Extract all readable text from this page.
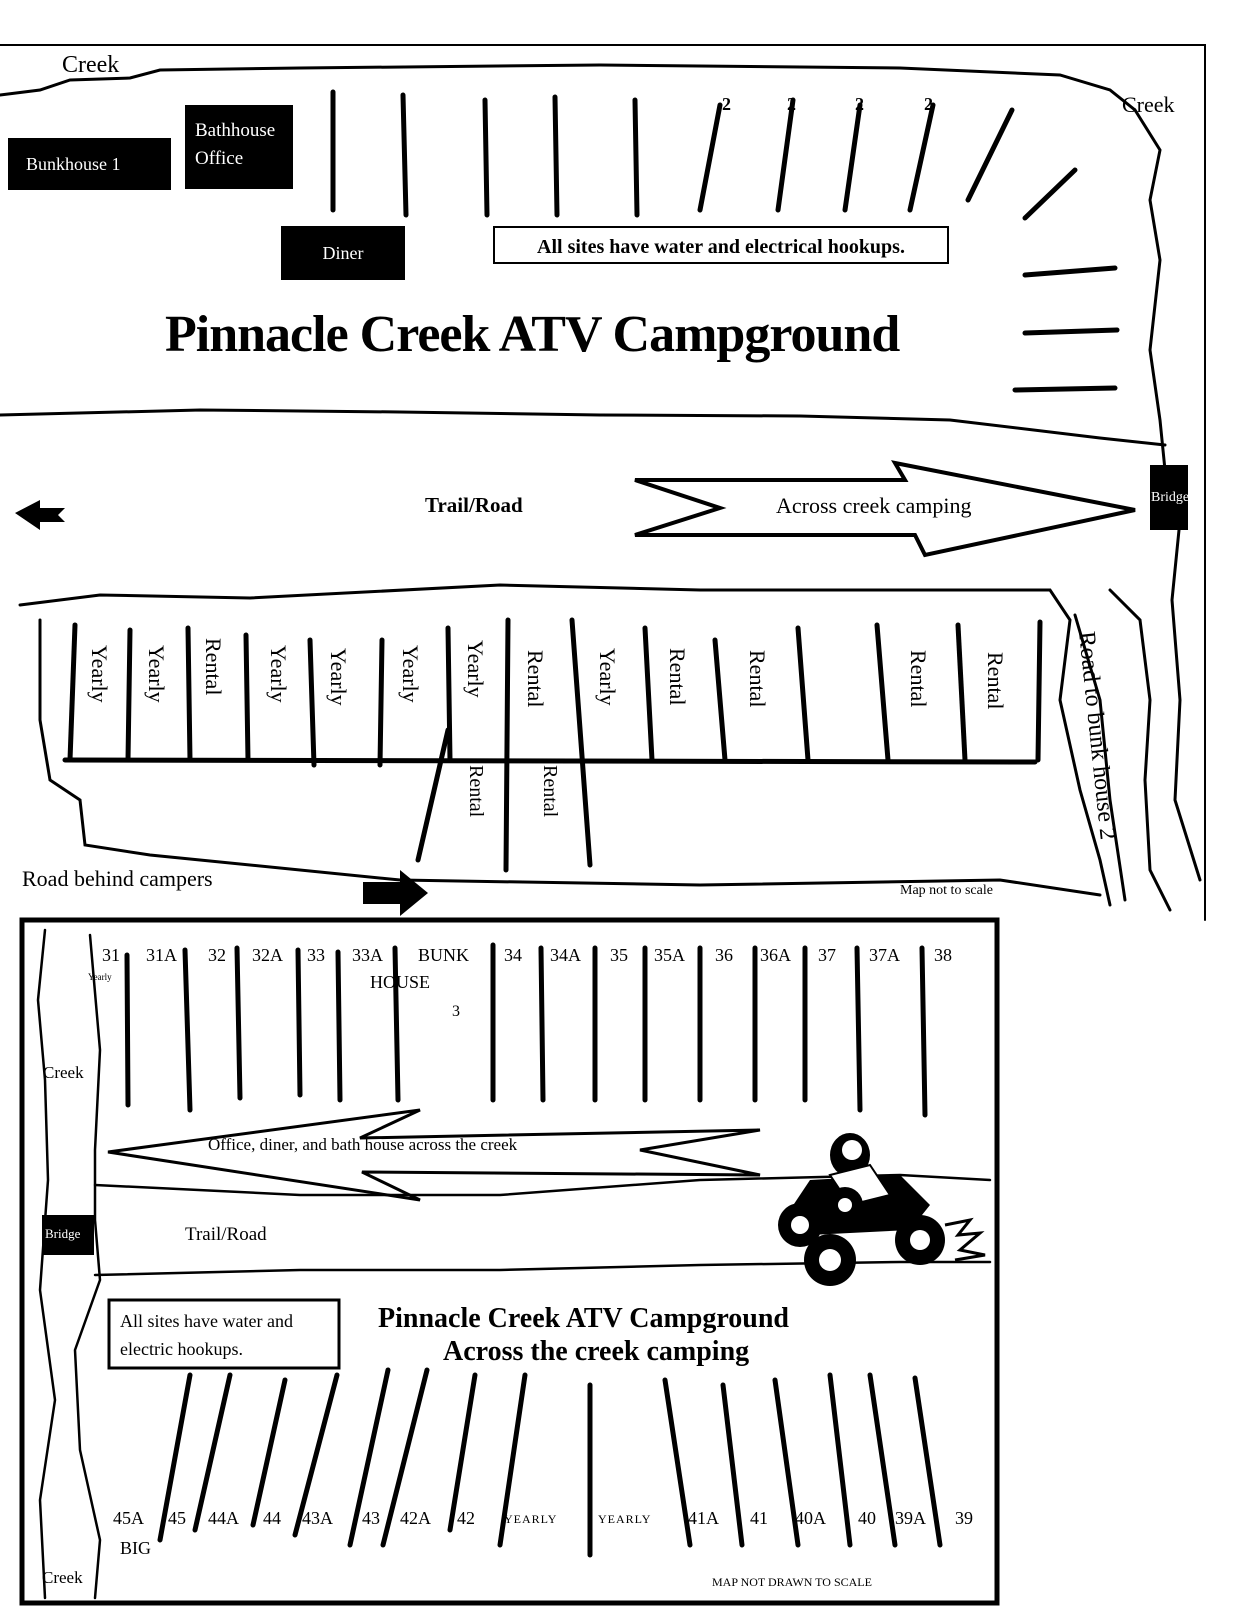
Creek
Creek
Bunkhouse 1
Bathhouse
Office
Diner	All sites have water and electrical hookups.
2	2	2	2
Pinnacle Creek ATV Campground
Trail/Road	Across creek camping	Bridge
Yearly Yearly Rental Yearly Yearly Yearly Yearly Rental Yearly Rental	Rental	Rental Rental
Rental	Rental	Road to bunk house 2
Road behind campers	Map not to scale
31 31A 32 32A 33 33A BUNK 34 34A 35 35A 36 36A 37 37A 38
Yearly	HOUSE
3
Creek
Creek
Office, diner, and bath house across the creek
Bridge	Trail/Road
All sites have water and
electric hookups.
Pinnacle Creek ATV Campground
Across the creek camping
45A 45 44A 44 43A 43 42A 42 YEARLY	YEARLY 41A 41 40A 40 39A 39
BIG
MAP NOT DRAWN TO SCALE
